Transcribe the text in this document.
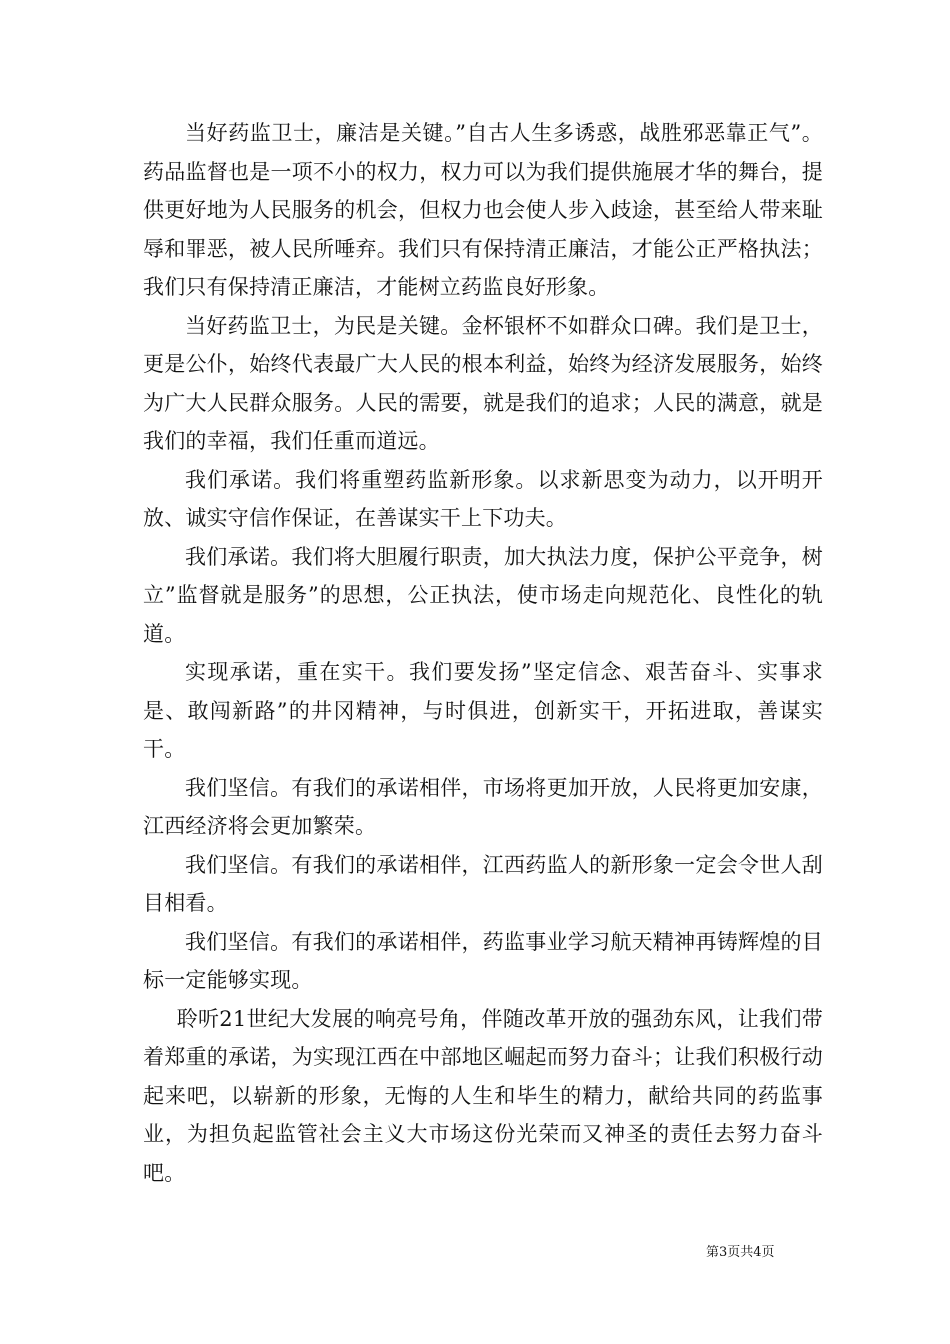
当好药监卫士，廉洁是关键。”自古人生多诱惑，战胜邪恶靠正气”。药品监督也是一项不小的权力，权力可以为我们提供施展才华的舞台，提供更好地为人民服务的机会，但权力也会使人步入歧途，甚至给人带来耻辱和罪恶，被人民所唾弃。我们只有保持清正廉洁，才能公正严格执法；我们只有保持清正廉洁，才能树立药监良好形象。

当好药监卫士，为民是关键。金杯银杯不如群众口碑。我们是卫士，更是公仆，始终代表最广大人民的根本利益，始终为经济发展服务，始终为广大人民群众服务。人民的需要，就是我们的追求；人民的满意，就是我们的幸福，我们任重而道远。

我们承诺。我们将重塑药监新形象。以求新思变为动力，以开明开放、诚实守信作保证，在善谋实干上下功夫。

我们承诺。我们将大胆履行职责，加大执法力度，保护公平竞争，树立”监督就是服务”的思想，公正执法，使市场走向规范化、良性化的轨道。

实现承诺，重在实干。我们要发扬”坚定信念、艰苦奋斗、实事求是、敢闯新路”的井冈精神，与时俱进，创新实干，开拓进取，善谋实干。

我们坚信。有我们的承诺相伴，市场将更加开放，人民将更加安康，江西经济将会更加繁荣。

我们坚信。有我们的承诺相伴，江西药监人的新形象一定会令世人刮目相看。

我们坚信。有我们的承诺相伴，药监事业学习航天精神再铸辉煌的目标一定能够实现。

聆听21世纪大发展的响亮号角，伴随改革开放的强劲东风，让我们带着郑重的承诺，为实现江西在中部地区崛起而努力奋斗；让我们积极行动起来吧，以崭新的形象，无悔的人生和毕生的精力，献给共同的药监事业，为担负起监管社会主义大市场这份光荣而又神圣的责任去努力奋斗吧。

第3页共4页
